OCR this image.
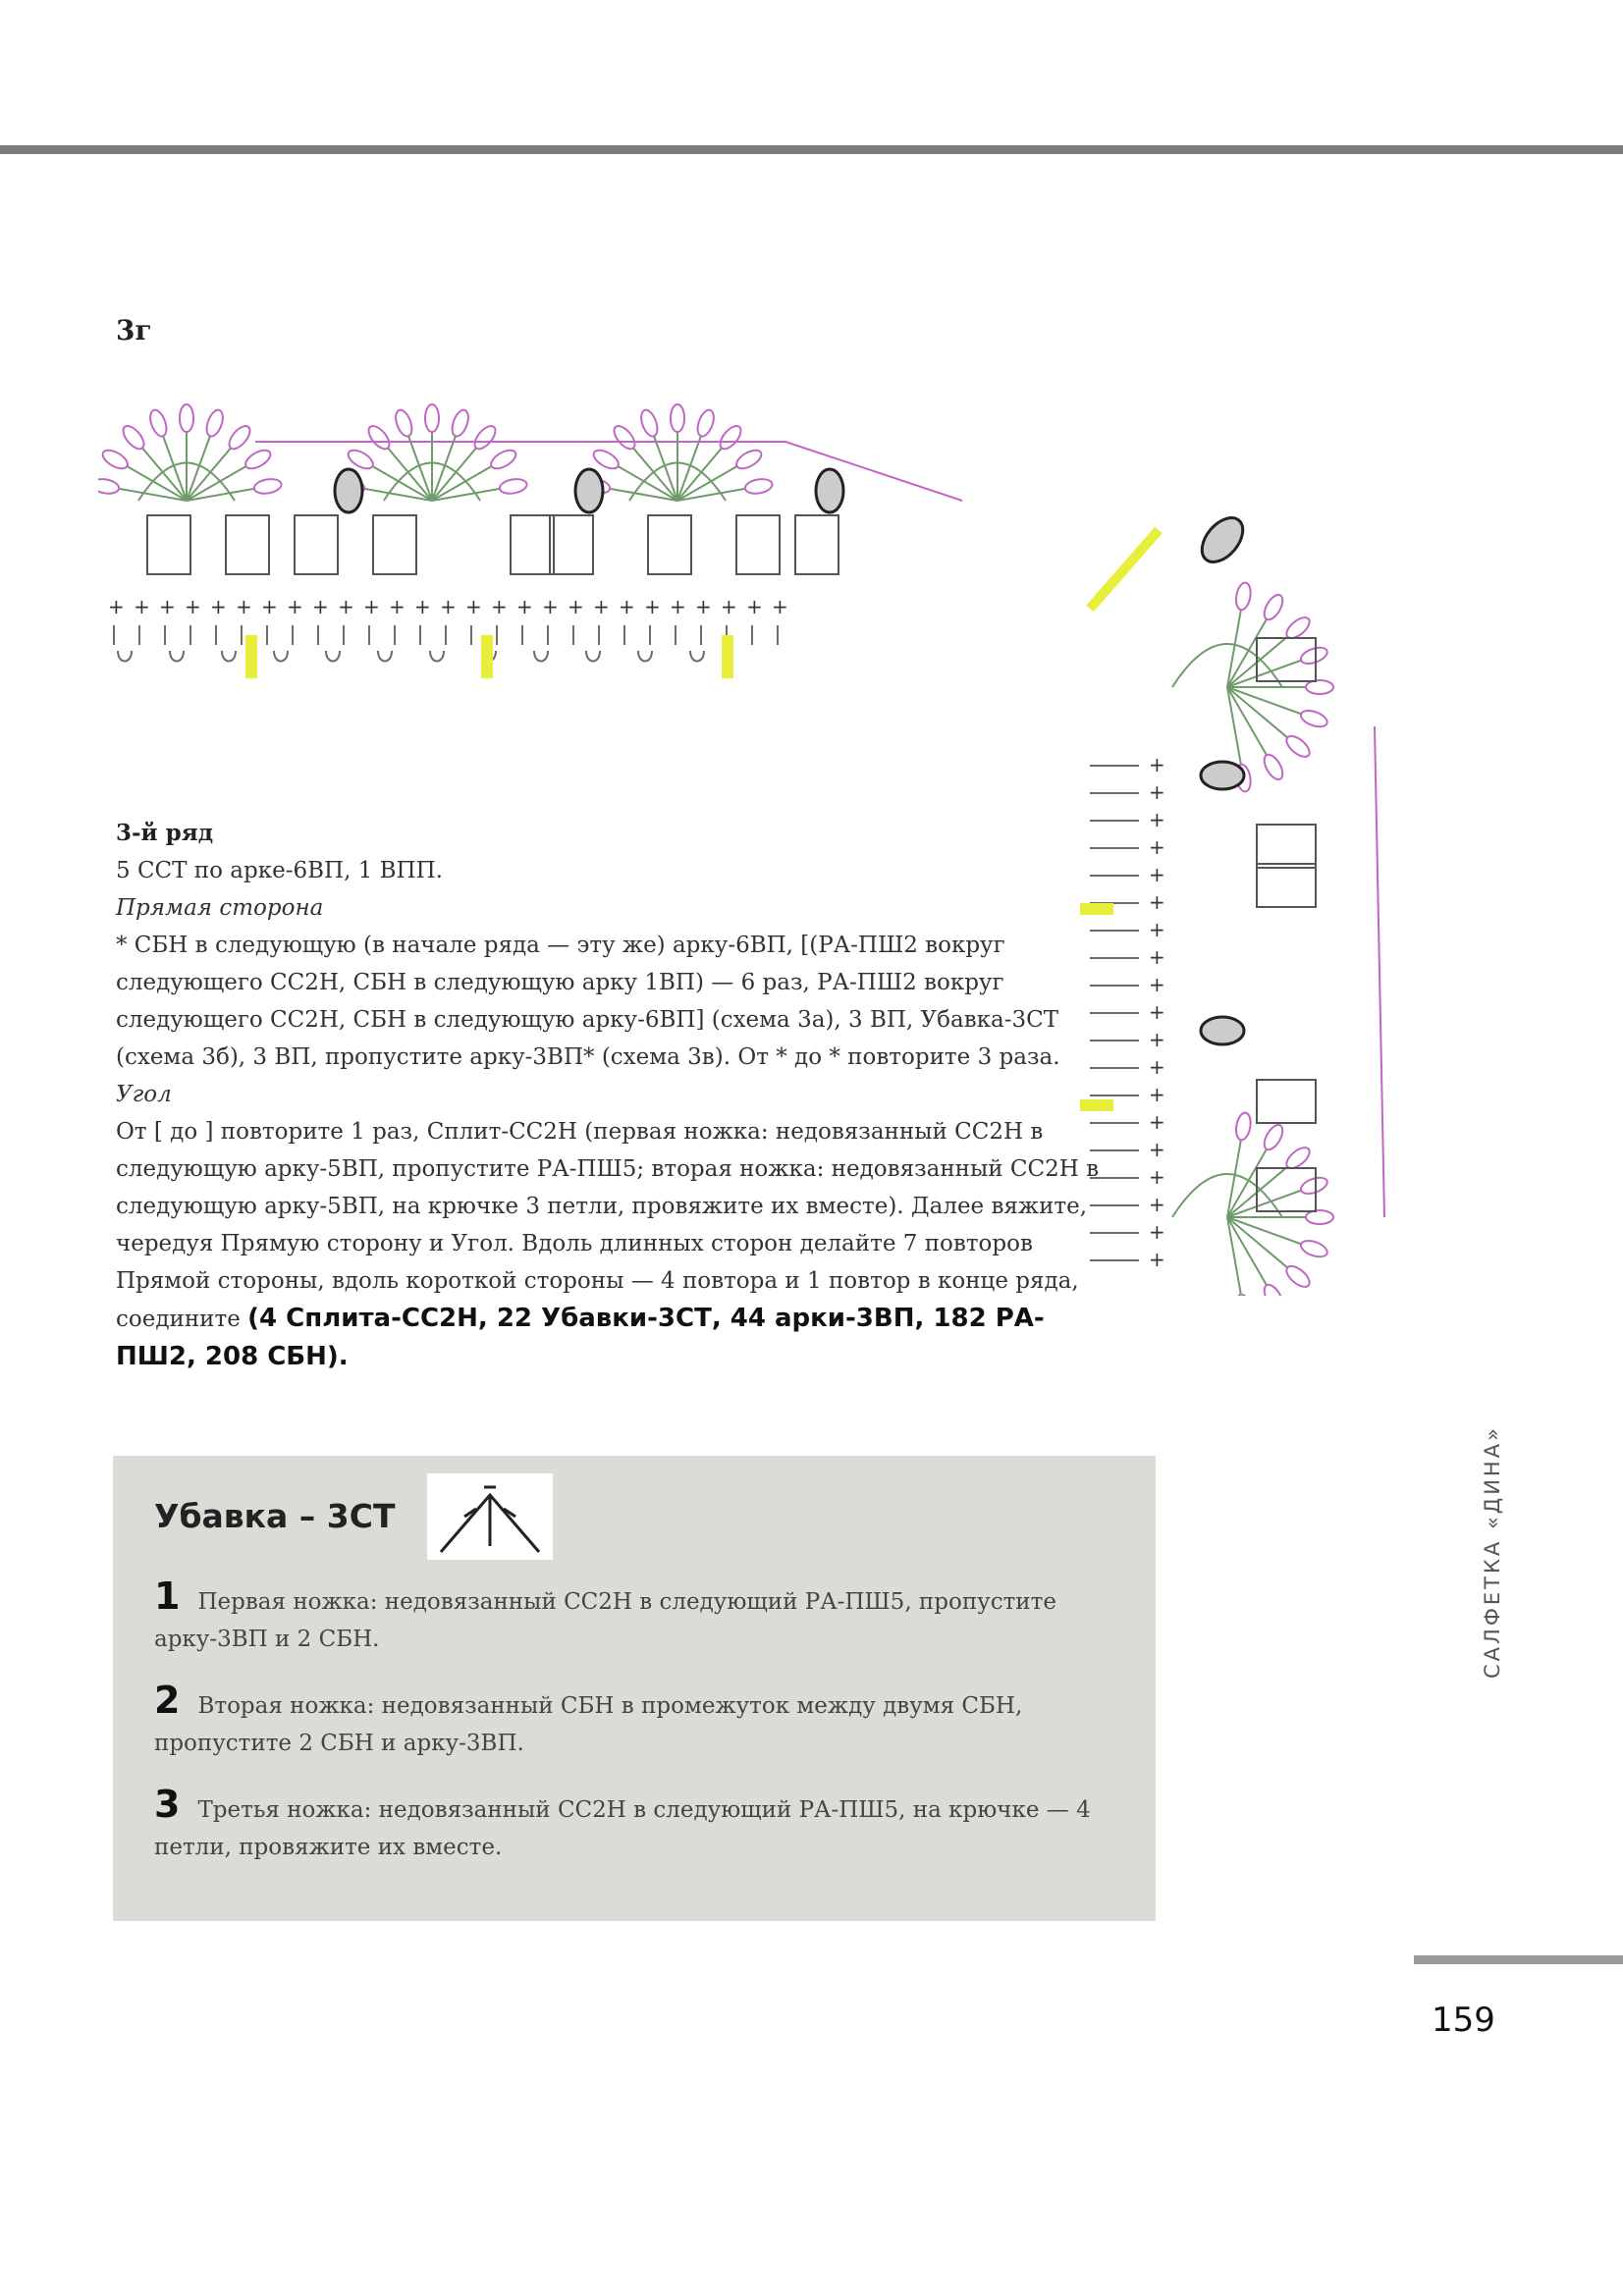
3г
+ + + + + + + + + + + + + + + + + + + + + + + + + + +
+
+
+
+
+
+
+
+
+
+
+
+
+
+
+
+
+
+
+

3-й ряд

5 ССТ по арке-6ВП, 1 ВПП.

Прямая сторона

* СБН в следующую (в начале ряда — эту же) арку-6ВП, [(РА-ПШ2 вокруг следующего СС2Н, СБН в следующую арку 1ВП) — 6 раз, РА-ПШ2 вокруг следующего СС2Н, СБН в следующую арку-6ВП] (схема 3а), 3 ВП, Убавка-3СТ (схема 3б), 3 ВП, пропустите арку-3ВП* (схема 3в). От * до * повторите 3 раза.

Угол

От [ до ] повторите 1 раз, Сплит-СС2Н (первая ножка: недовязанный СС2Н в следующую арку-5ВП, пропустите РА-ПШ5; вторая ножка: недовязанный СС2Н в следующую арку-5ВП, на крючке 3 петли, провяжите их вместе). Далее вяжите, чередуя Прямую сторону и Угол. Вдоль длинных сторон делайте 7 повторов Прямой стороны, вдоль короткой стороны — 4 повтора и 1 повтор в конце ряда, соедините (4 Сплита-СС2Н, 22 Убавки-3СТ, 44 арки-3ВП, 182 РА-ПШ2, 208 СБН).

Убавка – 3СТ
1 Первая ножка: недовязанный СС2Н в следующий РА-ПШ5, пропустите арку-3ВП и 2 СБН.
2 Вторая ножка: недовязанный СБН в промежуток между двумя СБН, пропустите 2 СБН и арку-3ВП.
3 Третья ножка: недовязанный СС2Н в следующий РА-ПШ5, на крючке — 4 петли, провяжите их вместе.
САЛФЕТКА «ДИНА»
159
